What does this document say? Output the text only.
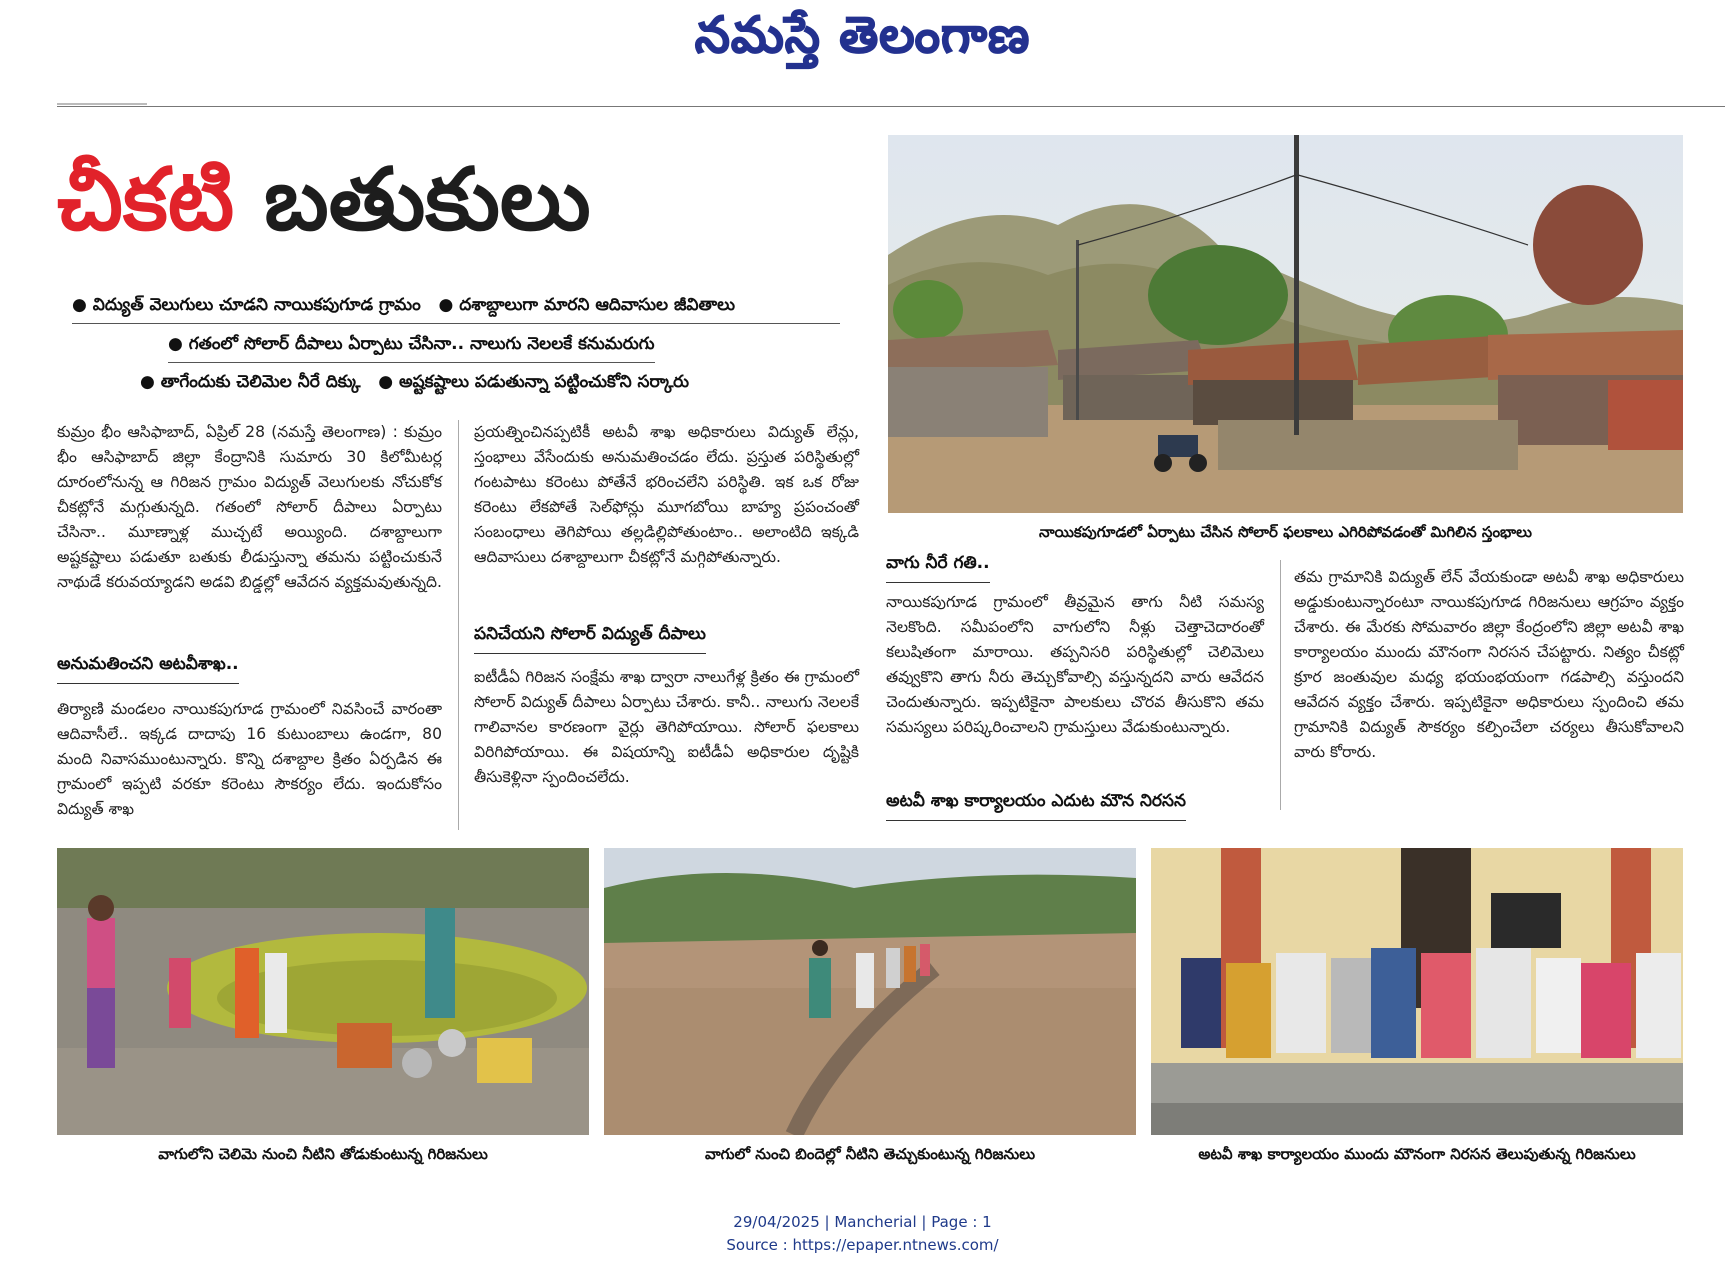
నమస్తే తెలంగాణ
చీకటి బతుకులు
● విద్యుత్ వెలుగులు చూడని నాయికపుగూడ గ్రామం ● దశాబ్దాలుగా మారని ఆదివాసుల జీవితాలు
● గతంలో సోలార్ దీపాలు ఏర్పాటు చేసినా.. నాలుగు నెలలకే కనుమరుగు
● తాగేందుకు చెలిమెల నీరే దిక్కు ● అష్టకష్టాలు పడుతున్నా పట్టించుకోని సర్కారు

కుమ్రం భీం ఆసిఫాబాద్, ఏప్రిల్ 28 (నమస్తే తెలంగాణ) : కుమ్రం భీం ఆసిఫాబాద్ జిల్లా కేంద్రానికి సుమారు 30 కిలోమీటర్ల దూరంలోనున్న ఆ గిరిజన గ్రామం విద్యుత్ వెలుగులకు నోచుకోక చీకట్లోనే మగ్గుతున్నది. గతంలో సోలార్ దీపాలు ఏర్పాటు చేసినా.. మూణ్నాళ్ల ముచ్చటే అయ్యింది. దశాబ్దాలుగా అష్టకష్టాలు పడుతూ బతుకు లీడుస్తున్నా తమను పట్టించుకునే నాథుడే కరువయ్యాడని అడవి బిడ్డల్లో ఆవేదన వ్యక్తమవుతున్నది.

అనుమతించని అటవీశాఖ..

తిర్యాణి మండలం నాయికపుగూడ గ్రామంలో నివసించే వారంతా ఆదివాసీలే.. ఇక్కడ దాదాపు 16 కుటుంబాలు ఉండగా, 80 మంది నివాసముంటున్నారు. కొన్ని దశాబ్దాల క్రితం ఏర్పడిన ఈ గ్రామంలో ఇప్పటి వరకూ కరెంటు సౌకర్యం లేదు. ఇందుకోసం విద్యుత్ శాఖ

ప్రయత్నించినప్పటికీ అటవీ శాఖ అధికారులు విద్యుత్ లేన్లు, స్తంభాలు వేసేందుకు అనుమతించడం లేదు. ప్రస్తుత పరిస్థితుల్లో గంటపాటు కరెంటు పోతేనే భరించలేని పరిస్థితి. ఇక ఒక రోజు కరెంటు లేకపోతే సెల్‌ఫోన్లు మూగబోయి బాహ్య ప్రపంచంతో సంబంధాలు తెగిపోయి తల్లడిల్లిపోతుంటాం.. అలాంటిది ఇక్కడి ఆదివాసులు దశాబ్దాలుగా చీకట్లోనే మగ్గిపోతున్నారు.

పనిచేయని సోలార్ విద్యుత్ దీపాలు

ఐటీడీఏ గిరిజన సంక్షేమ శాఖ ద్వారా నాలుగేళ్ల క్రితం ఈ గ్రామంలో సోలార్ విద్యుత్ దీపాలు ఏర్పాటు చేశారు. కానీ.. నాలుగు నెలలకే గాలివానల కారణంగా వైర్లు తెగిపోయాయి. సోలార్ ఫలకాలు విరిగిపోయాయి. ఈ విషయాన్ని ఐటీడీఏ అధికారుల దృష్టికి తీసుకెళ్లినా స్పందించలేదు.

నాయికపుగూడలో ఏర్పాటు చేసిన సోలార్ ఫలకాలు ఎగిరిపోవడంతో మిగిలిన స్తంభాలు
వాగు నీరే గతి..

నాయికపుగూడ గ్రామంలో తీవ్రమైన తాగు నీటి సమస్య నెలకొంది. సమీపంలోని వాగులోని నీళ్లు చెత్తాచెదారంతో కలుషితంగా మారాయి. తప్పనిసరి పరిస్థితుల్లో చెలిమెలు తవ్వుకొని తాగు నీరు తెచ్చుకోవాల్సి వస్తున్నదని వారు ఆవేదన చెందుతున్నారు. ఇప్పటికైనా పాలకులు చొరవ తీసుకొని తమ సమస్యలు పరిష్కరించాలని గ్రామస్తులు వేడుకుంటున్నారు.

అటవీ శాఖ కార్యాలయం ఎదుట మౌన నిరసన

తమ గ్రామానికి విద్యుత్ లేన్ వేయకుండా అటవీ శాఖ అధికారులు అడ్డుకుంటున్నారంటూ నాయికపుగూడ గిరిజనులు ఆగ్రహం వ్యక్తం చేశారు. ఈ మేరకు సోమవారం జిల్లా కేంద్రంలోని జిల్లా అటవీ శాఖ కార్యాలయం ముందు మౌనంగా నిరసన చేపట్టారు. నిత్యం చీకట్లో క్రూర జంతువుల మధ్య భయంభయంగా గడపాల్సి వస్తుందని ఆవేదన వ్యక్తం చేశారు. ఇప్పటికైనా అధికారులు స్పందించి తమ గ్రామానికి విద్యుత్ సౌకర్యం కల్పించేలా చర్యలు తీసుకోవాలని వారు కోరారు.

వాగులోని చెలిమె నుంచి నీటిని తోడుకుంటున్న గిరిజనులు	వాగులో నుంచి బిందెల్లో నీటిని తెచ్చుకుంటున్న గిరిజనులు	అటవీ శాఖ కార్యాలయం ముందు మౌనంగా నిరసన తెలుపుతున్న గిరిజనులు
29/04/2025 | Mancherial | Page : 1
Source : https://epaper.ntnews.com/
